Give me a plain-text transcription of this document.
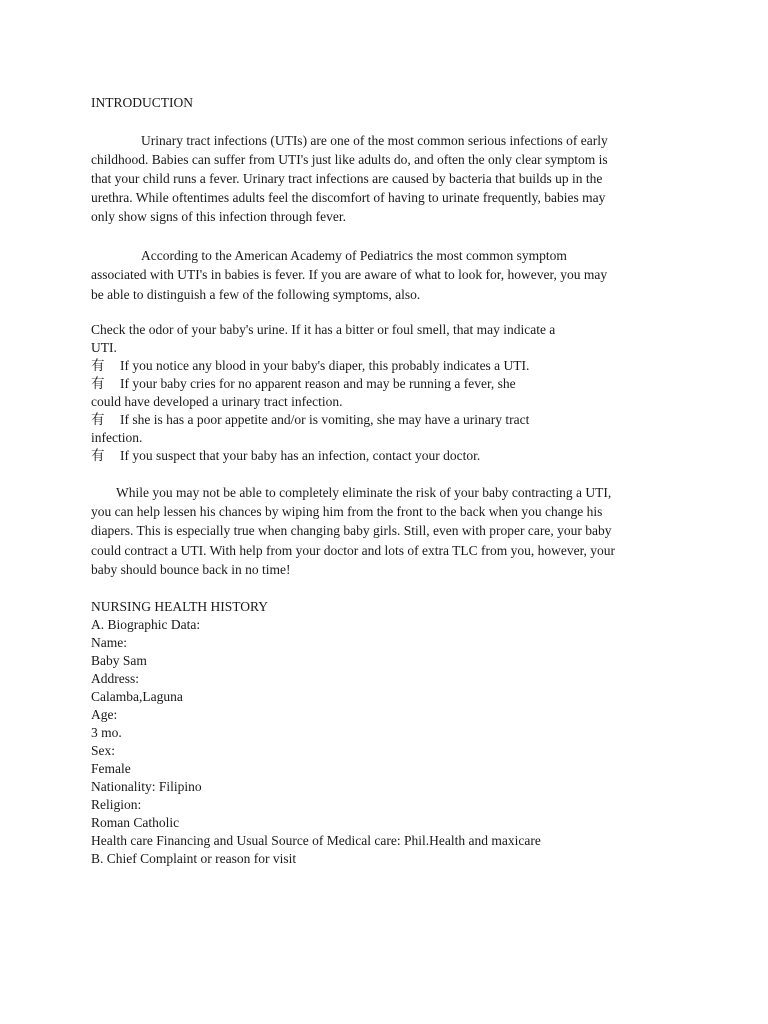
INTRODUCTION
Urinary tract infections (UTIs) are one of the most common serious infections of early
childhood. Babies can suffer from UTI's just like adults do, and often the only clear symptom is
that your child runs a fever. Urinary tract infections are caused by bacteria that builds up in the
urethra. While oftentimes adults feel the discomfort of having to urinate frequently, babies may
only show signs of this infection through fever.
According to the American Academy of Pediatrics the most common symptom
associated with UTI's in babies is fever. If you are aware of what to look for, however, you may
be able to distinguish a few of the following symptoms, also.
Check the odor of your baby's urine. If it has a bitter or foul smell, that may indicate a
UTI.
有 If you notice any blood in your baby's diaper, this probably indicates a UTI.
有 If your baby cries for no apparent reason and may be running a fever, she
could have developed a urinary tract infection.
有 If she is has a poor appetite and/or is vomiting, she may have a urinary tract
infection.
有 If you suspect that your baby has an infection, contact your doctor.
While you may not be able to completely eliminate the risk of your baby contracting a UTI,
you can help lessen his chances by wiping him from the front to the back when you change his
diapers. This is especially true when changing baby girls. Still, even with proper care, your baby
could contract a UTI. With help from your doctor and lots of extra TLC from you, however, your
baby should bounce back in no time!
NURSING HEALTH HISTORY
A. Biographic Data:
Name:
Baby Sam
Address:
Calamba,Laguna
Age:
3 mo.
Sex:
Female
Nationality: Filipino
Religion:
Roman Catholic
Health care Financing and Usual Source of Medical care: Phil.Health and maxicare
B. Chief Complaint or reason for visit
